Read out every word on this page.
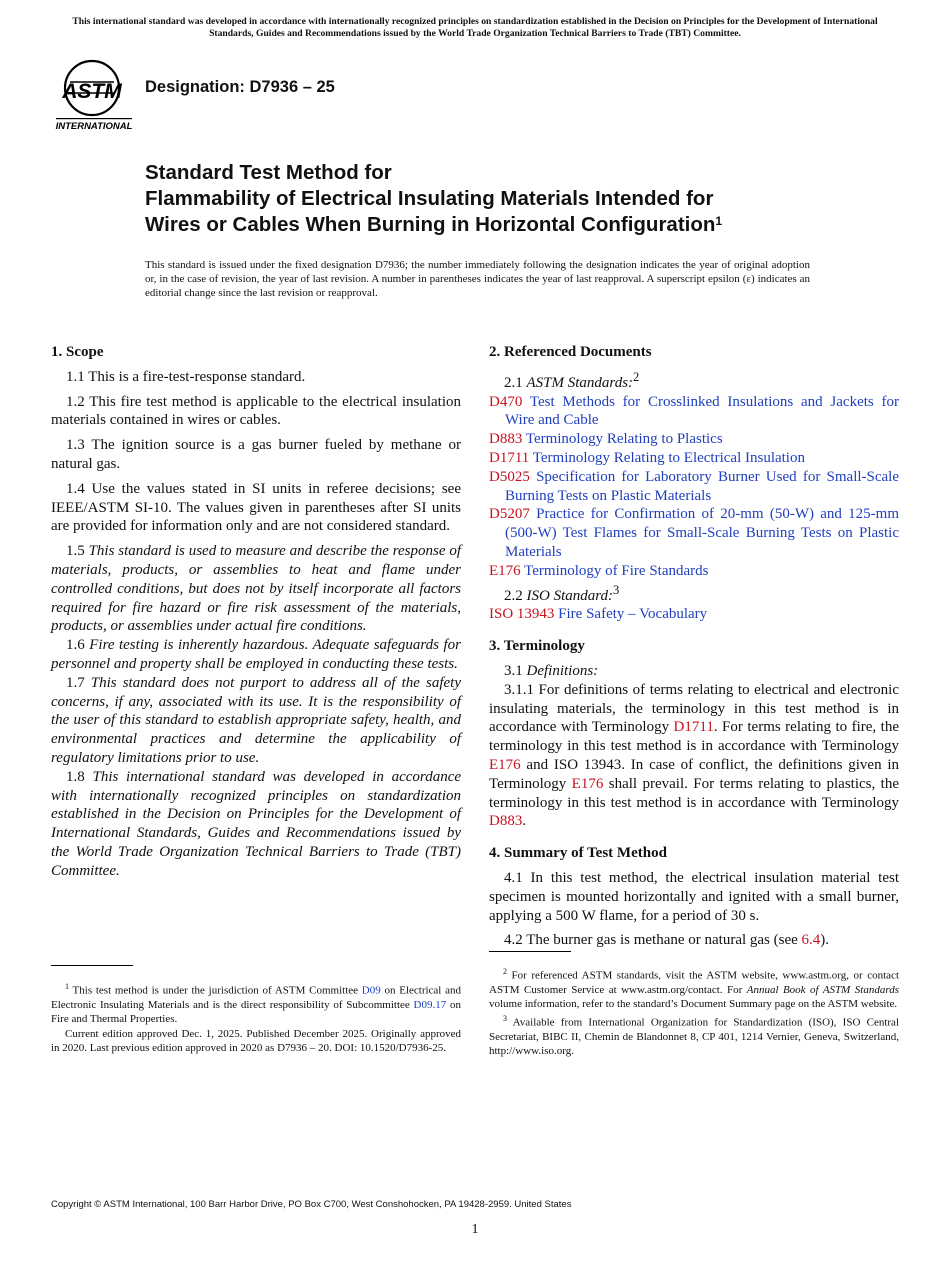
This international standard was developed in accordance with internationally recognized principles on standardization established in the Decision on Principles for the Development of International Standards, Guides and Recommendations issued by the World Trade Organization Technical Barriers to Trade (TBT) Committee.
ASTM
INTERNATIONAL
Designation: D7936 – 25
Standard Test Method for
Flammability of Electrical Insulating Materials Intended for
Wires or Cables When Burning in Horizontal Configuration$^1$
This standard is issued under the fixed designation D7936; the number immediately following the designation indicates the year of original adoption or, in the case of revision, the year of last revision. A number in parentheses indicates the year of last reapproval. A superscript epsilon (ε) indicates an editorial change since the last revision or reapproval.
1. Scope

1.1 This is a fire-test-response standard.

1.2 This fire test method is applicable to the electrical insulation materials contained in wires or cables.

1.3 The ignition source is a gas burner fueled by methane or natural gas.

1.4 Use the values stated in SI units in referee decisions; see IEEE/ASTM SI-10. The values given in parentheses after SI units are provided for information only and are not considered standard.

1.5 This standard is used to measure and describe the response of materials, products, or assemblies to heat and flame under controlled conditions, but does not by itself incorporate all factors required for fire hazard or fire risk assessment of the materials, products, or assemblies under actual fire conditions.

1.6 Fire testing is inherently hazardous. Adequate safeguards for personnel and property shall be employed in conducting these tests.

1.7 This standard does not purport to address all of the safety concerns, if any, associated with its use. It is the responsibility of the user of this standard to establish appropriate safety, health, and environmental practices and determine the applicability of regulatory limitations prior to use.

1.8 This international standard was developed in accordance with internationally recognized principles on standardization established in the Decision on Principles for the Development of International Standards, Guides and Recommendations issued by the World Trade Organization Technical Barriers to Trade (TBT) Committee.

2. Referenced Documents

2.1 ASTM Standards:$^2$

D470 Test Methods for Crosslinked Insulations and Jackets for Wire and Cable

D883 Terminology Relating to Plastics

D1711 Terminology Relating to Electrical Insulation

D5025 Specification for Laboratory Burner Used for Small-Scale Burning Tests on Plastic Materials

D5207 Practice for Confirmation of 20-mm (50-W) and 125-mm (500-W) Test Flames for Small-Scale Burning Tests on Plastic Materials

E176 Terminology of Fire Standards

2.2 ISO Standard:$^3$

ISO 13943 Fire Safety – Vocabulary

3. Terminology

3.1 Definitions:

3.1.1 For definitions of terms relating to electrical and electronic insulating materials, the terminology in this test method is in accordance with Terminology D1711. For terms relating to fire, the terminology in this test method is in accordance with Terminology E176 and ISO 13943. In case of conflict, the definitions given in Terminology E176 shall prevail. For terms relating to plastics, the terminology in this test method is in accordance with Terminology D883.

4. Summary of Test Method

4.1 In this test method, the electrical insulation material test specimen is mounted horizontally and ignited with a small burner, applying a 500 W flame, for a period of 30 s.

4.2 The burner gas is methane or natural gas (see 6.4).

$^1$ This test method is under the jurisdiction of ASTM Committee D09 on Electrical and Electronic Insulating Materials and is the direct responsibility of Subcommittee D09.17 on Fire and Thermal Properties.

Current edition approved Dec. 1, 2025. Published December 2025. Originally approved in 2020. Last previous edition approved in 2020 as D7936 – 20. DOI: 10.1520/D7936-25.

$^2$ For referenced ASTM standards, visit the ASTM website, www.astm.org, or contact ASTM Customer Service at www.astm.org/contact. For Annual Book of ASTM Standards volume information, refer to the standard’s Document Summary page on the ASTM website.

$^3$ Available from International Organization for Standardization (ISO), ISO Central Secretariat, BIBC II, Chemin de Blandonnet 8, CP 401, 1214 Vernier, Geneva, Switzerland, http://www.iso.org.

Copyright © ASTM International, 100 Barr Harbor Drive, PO Box C700, West Conshohocken, PA 19428-2959. United States
1
